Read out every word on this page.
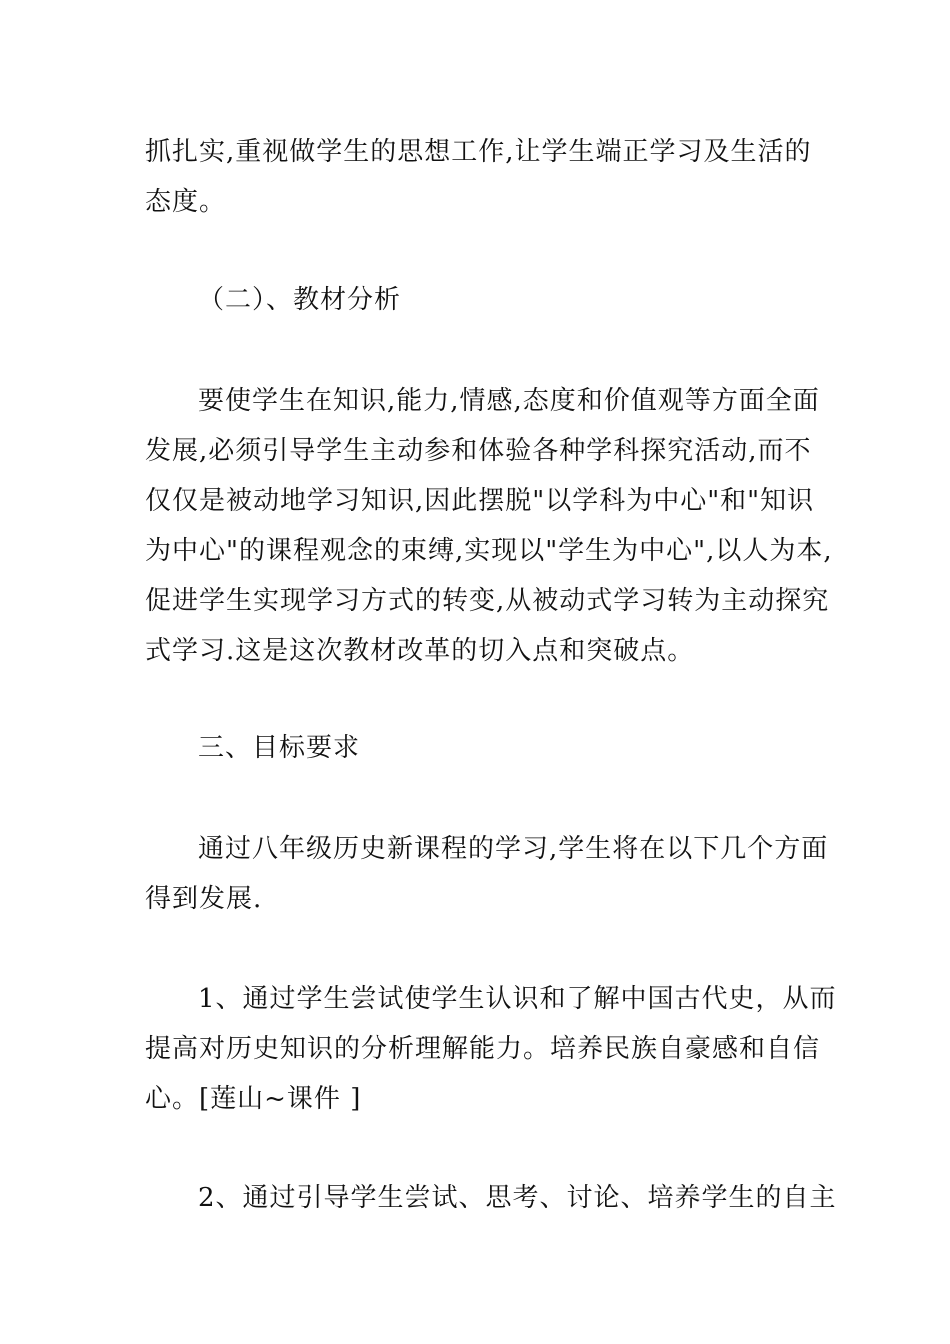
抓扎实,重视做学生的思想工作,让学生端正学习及生活的
态度。
（二）、教材分析
要使学生在知识,能力,情感,态度和价值观等方面全面
发展,必须引导学生主动参和体验各种学科探究活动,而不
仅仅是被动地学习知识,因此摆脱"以学科为中心"和"知识
为中心"的课程观念的束缚,实现以"学生为中心",以人为本,
促进学生实现学习方式的转变,从被动式学习转为主动探究
式学习.这是这次教材改革的切入点和突破点。
三、目标要求
通过八年级历史新课程的学习,学生将在以下几个方面
得到发展.
1、通过学生尝试使学生认识和了解中国古代史，从而
提高对历史知识的分析理解能力。培养民族自豪感和自信
心。[莲山~课件 ]
2、通过引导学生尝试、思考、讨论、培养学生的自主
